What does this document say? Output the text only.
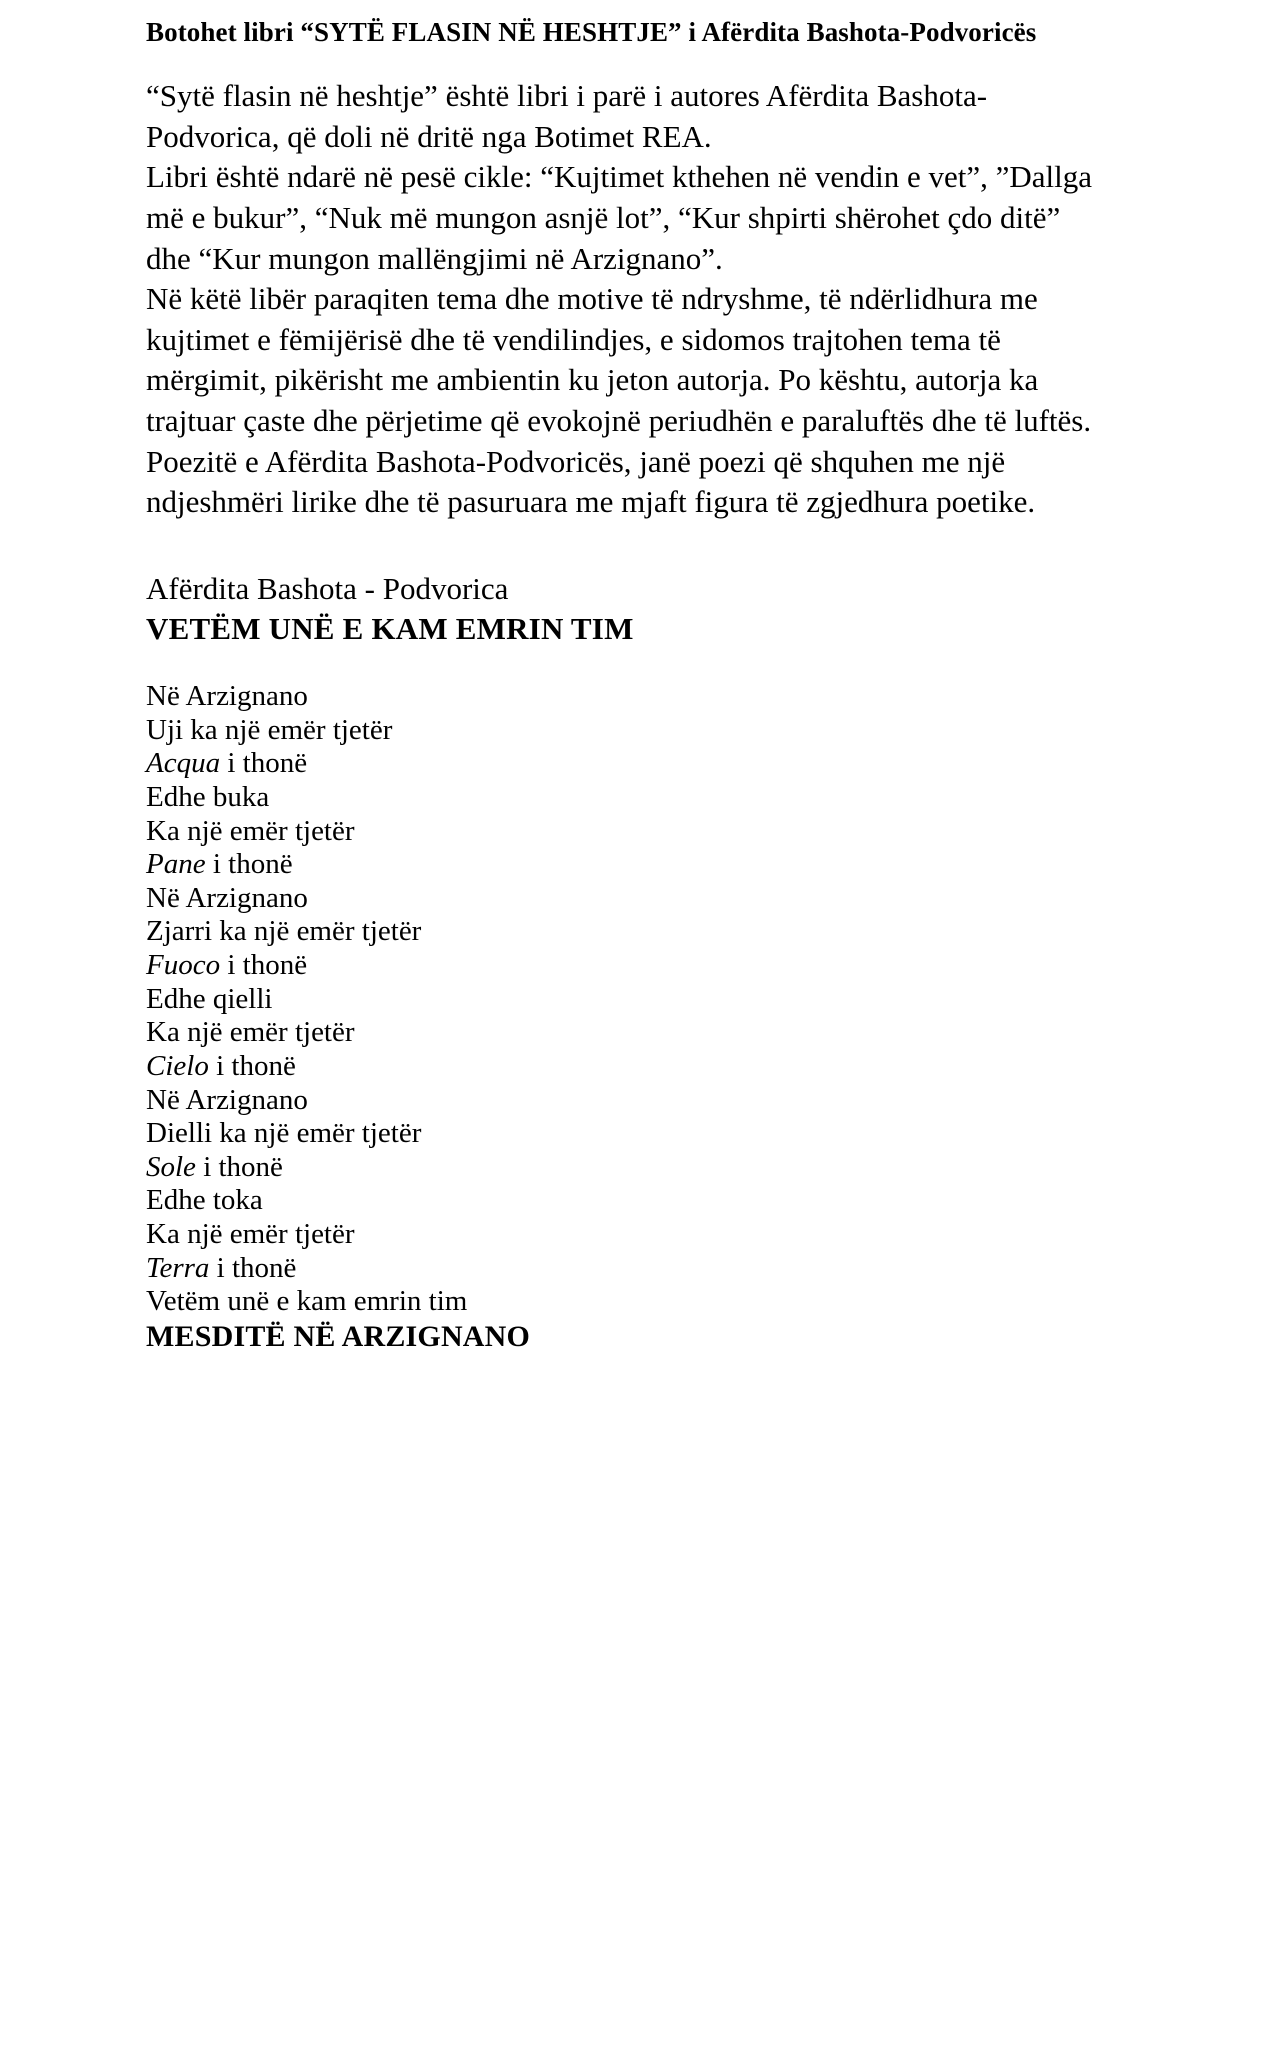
Botohet libri “SYTË FLASIN NË HESHTJE” i Afërdita Bashota-Podvoricës

“Sytë flasin në heshtje” është libri i parë i autores Afërdita Bashota-Podvorica, që doli në dritë nga Botimet REA.

Libri është ndarë në pesë cikle: “Kujtimet kthehen në vendin e vet”, ”Dallga më e bukur”, “Nuk më mungon asnjë lot”, “Kur shpirti shërohet çdo ditë” dhe “Kur mungon mallëngjimi në Arzignano”.

Në këtë libër paraqiten tema dhe motive të ndryshme, të ndërlidhura me kujtimet e fëmijërisë dhe të vendilindjes, e sidomos trajtohen tema të mërgimit, pikërisht me ambientin ku jeton autorja. Po kështu, autorja ka trajtuar çaste dhe përjetime që evokojnë periudhën e paraluftës dhe të luftës. Poezitë e Afërdita Bashota-Podvoricës, janë poezi që shquhen me një ndjeshmëri lirike dhe të pasuruara me mjaft figura të zgjedhura poetike.

Afërdita Bashota - Podvorica

VETËM UNË E KAM EMRIN TIM

Në Arzignano

Uji ka një emër tjetër

Acqua i thonë

Edhe buka

Ka një emër tjetër

Pane i thonë

Në Arzignano

Zjarri ka një emër tjetër

Fuoco i thonë

Edhe qielli

Ka një emër tjetër

Cielo i thonë

Në Arzignano

Dielli ka një emër tjetër

Sole i thonë

Edhe toka

Ka një emër tjetër

Terra i thonë

Vetëm unë e kam emrin tim

MESDITË NË ARZIGNANO
